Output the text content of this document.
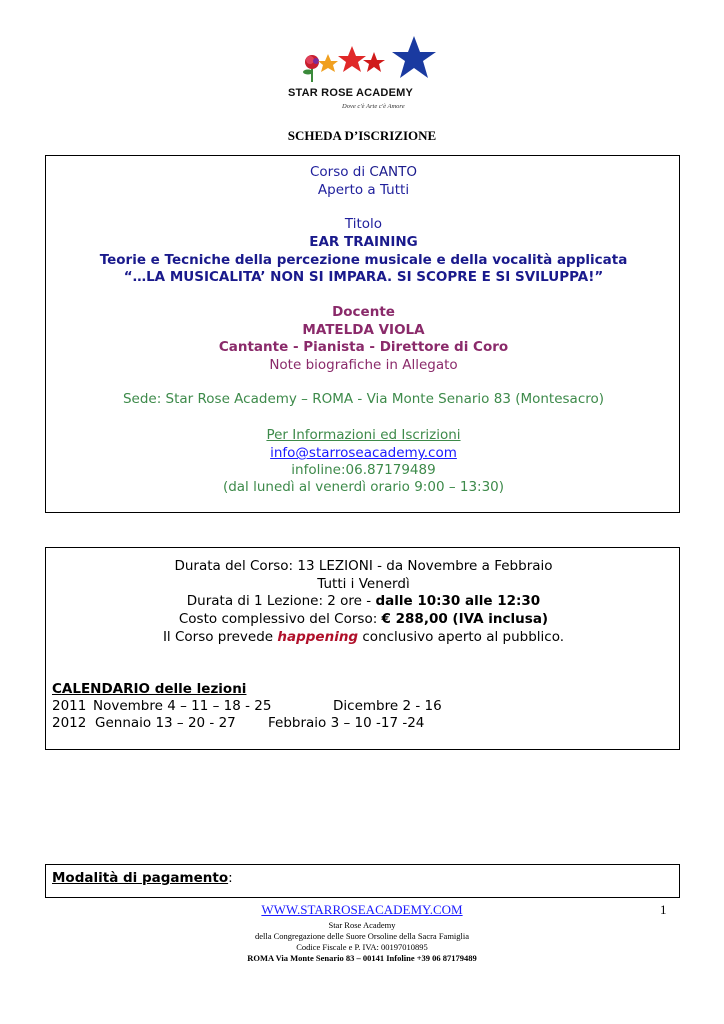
STAR ROSE ACADEMY
Dove c'è Arte c'è Amore
SCHEDA D’ISCRIZIONE
Corso di CANTO
Aperto a Tutti
Titolo
EAR TRAINING
Teorie e Tecniche della percezione musicale e della vocalità applicata
“…LA MUSICALITA’ NON SI IMPARA. SI SCOPRE E SI SVILUPPA!”
Docente
MATELDA VIOLA
Cantante - Pianista - Direttore di Coro
Note biografiche in Allegato
Sede: Star Rose Academy – ROMA - Via Monte Senario 83 (Montesacro)
Per Informazioni ed Iscrizioni
info@starroseacademy.com
infoline:06.87179489
(dal lunedì al venerdì orario 9:00 – 13:30)
Durata del Corso: 13 LEZIONI - da Novembre a Febbraio
Tutti i Venerdì
Durata di 1 Lezione: 2 ore - dalle 10:30 alle 12:30
Costo complessivo del Corso: € 288,00 (IVA inclusa)
Il Corso prevede happening conclusivo aperto al pubblico.
CALENDARIO delle lezioni
2011 Novembre 4 – 11 – 18 - 25	Dicembre 2 - 16
2012 Gennaio 13 – 20 - 27 Febbraio 3 – 10 -17 -24
Modalità di pagamento:
WWW.STARROSEACADEMY.COM	1
Star Rose Academy
della Congregazione delle Suore Orsoline della Sacra Famiglia
Codice Fiscale e P. IVA: 00197010895
ROMA Via Monte Senario 83 – 00141 Infoline +39 06 87179489
